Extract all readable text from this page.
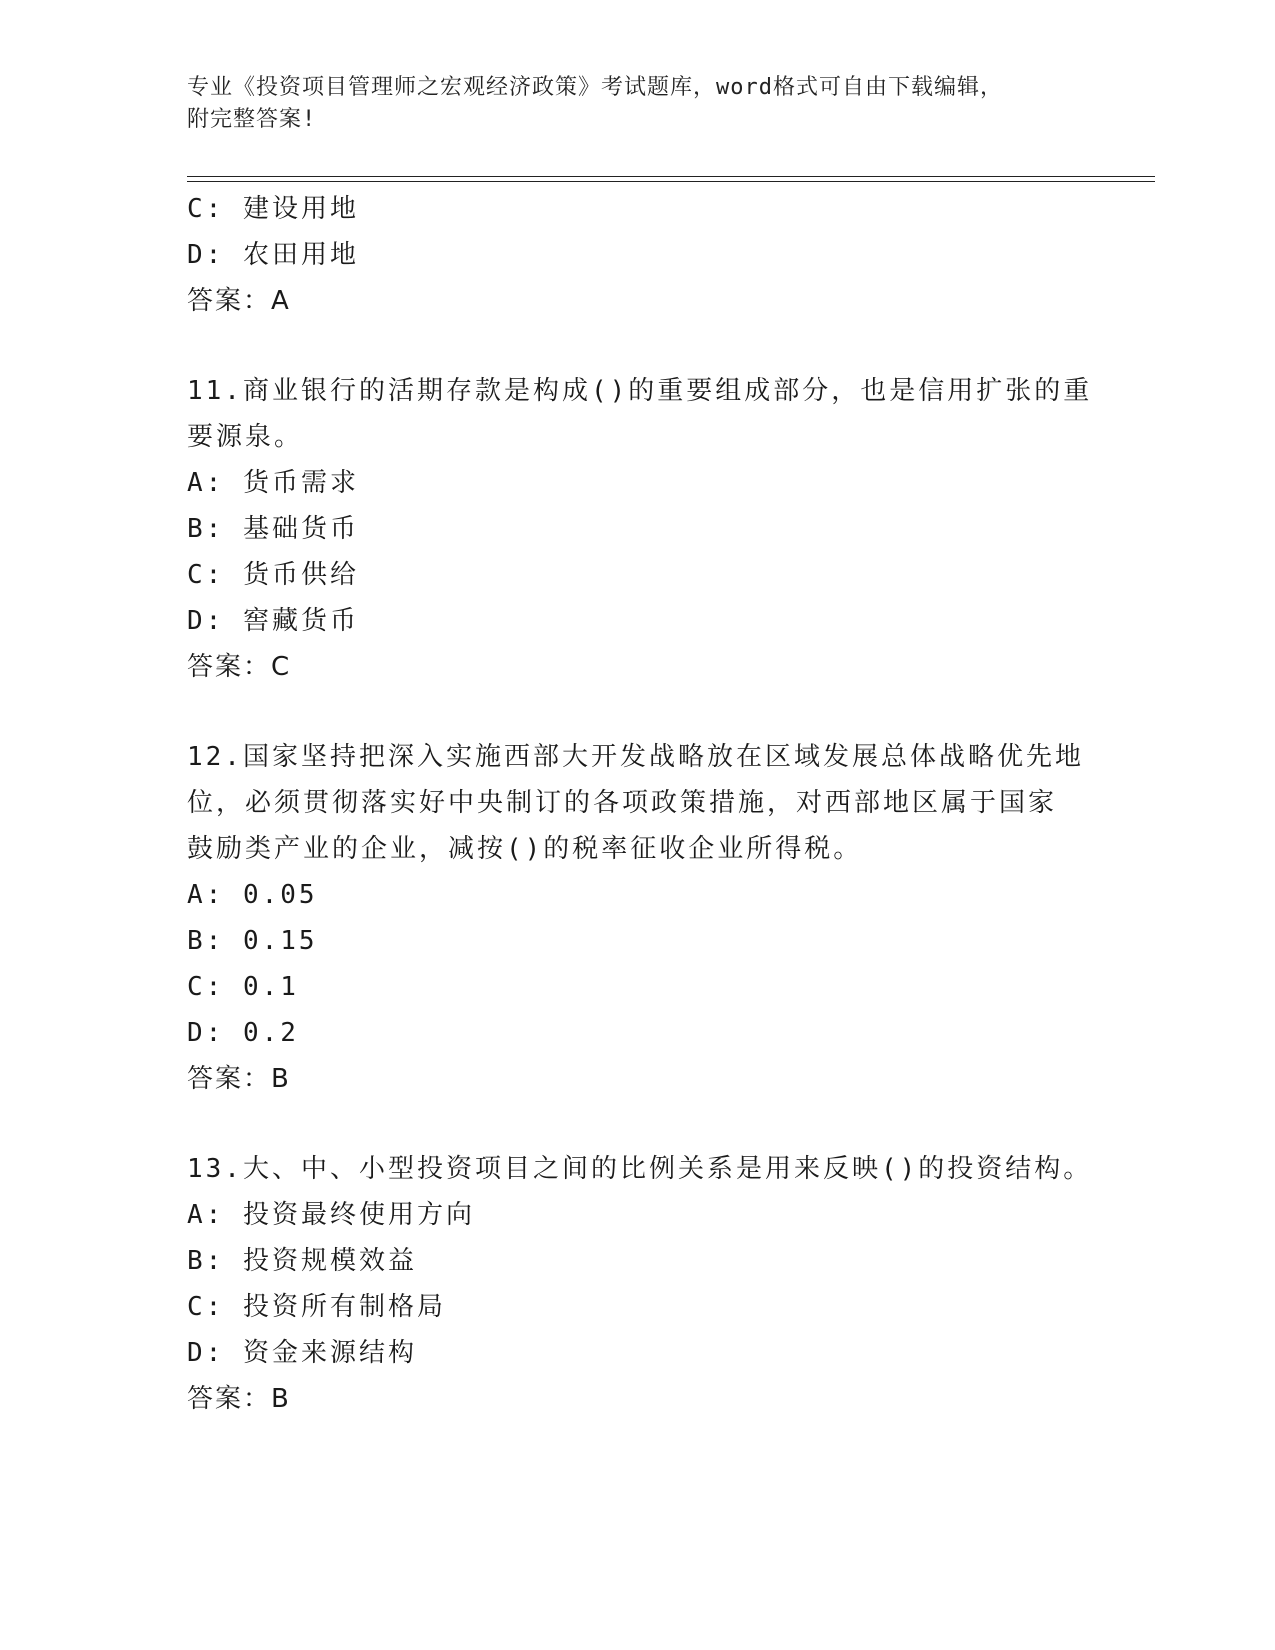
专业《投资项目管理师之宏观经济政策》考试题库，word格式可自由下载编辑，
附完整答案!
C: 建设用地
D: 农田用地
答案：A
11.商业银行的活期存款是构成()的重要组成部分，也是信用扩张的重
要源泉。
A: 货币需求
B: 基础货币
C: 货币供给
D: 窖藏货币
答案：C
12.国家坚持把深入实施西部大开发战略放在区域发展总体战略优先地
位，必须贯彻落实好中央制订的各项政策措施，对西部地区属于国家
鼓励类产业的企业，减按()的税率征收企业所得税。
A: 0.05
B: 0.15
C: 0.1
D: 0.2
答案：B
13.大、中、小型投资项目之间的比例关系是用来反映()的投资结构。
A: 投资最终使用方向
B: 投资规模效益
C: 投资所有制格局
D: 资金来源结构
答案：B
